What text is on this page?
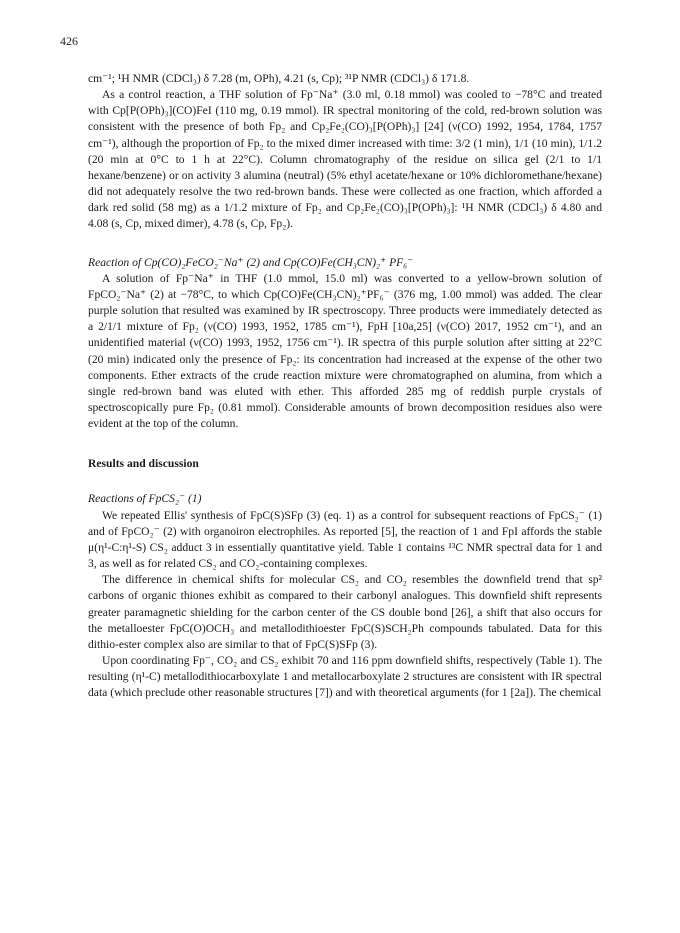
426

cm⁻¹; ¹H NMR (CDCl₃) δ 7.28 (m, OPh), 4.21 (s, Cp); ³¹P NMR (CDCl₃) δ 171.8.

As a control reaction, a THF solution of Fp⁻Na⁺ (3.0 ml, 0.18 mmol) was cooled to −78°C and treated with Cp[P(OPh)₃](CO)FeI (110 mg, 0.19 mmol). IR spectral monitoring of the cold, red-brown solution was consistent with the presence of both Fp₂ and Cp₂Fe₂(CO)₃[P(OPh)₃] [24] (ν(CO) 1992, 1954, 1784, 1757 cm⁻¹), although the proportion of Fp₂ to the mixed dimer increased with time: 3/2 (1 min), 1/1 (10 min), 1/1.2 (20 min at 0°C to 1 h at 22°C). Column chromatography of the residue on silica gel (2/1 to 1/1 hexane/benzene) or on activity 3 alumina (neutral) (5% ethyl acetate/hexane or 10% dichloromethane/hexane) did not adequately resolve the two red-brown bands. These were collected as one fraction, which afforded a dark red solid (58 mg) as a 1/1.2 mixture of Fp₂ and Cp₂Fe₂(CO)₃[P(OPh)₃]: ¹H NMR (CDCl₃) δ 4.80 and 4.08 (s, Cp, mixed dimer), 4.78 (s, Cp, Fp₂).

Reaction of Cp(CO)₂FeCO₂⁻Na⁺ (2) and Cp(CO)Fe(CH₃CN)₂⁺ PF₆⁻

A solution of Fp⁻Na⁺ in THF (1.0 mmol, 15.0 ml) was converted to a yellow-brown solution of FpCO₂⁻Na⁺ (2) at −78°C, to which Cp(CO)Fe(CH₃CN)₂⁺PF₆⁻ (376 mg, 1.00 mmol) was added. The clear purple solution that resulted was examined by IR spectroscopy. Three products were immediately detected as a 2/1/1 mixture of Fp₂ (ν(CO) 1993, 1952, 1785 cm⁻¹), FpH [10a,25] (ν(CO) 2017, 1952 cm⁻¹), and an unidentified material (ν(CO) 1993, 1952, 1756 cm⁻¹). IR spectra of this purple solution after sitting at 22°C (20 min) indicated only the presence of Fp₂: its concentration had increased at the expense of the other two components. Ether extracts of the crude reaction mixture were chromatographed on alumina, from which a single red-brown band was eluted with ether. This afforded 285 mg of reddish purple crystals of spectroscopically pure Fp₂ (0.81 mmol). Considerable amounts of brown decomposition residues also were evident at the top of the column.

Results and discussion

Reactions of FpCS₂⁻ (1)

We repeated Ellis' synthesis of FpC(S)SFp (3) (eq. 1) as a control for subsequent reactions of FpCS₂⁻ (1) and of FpCO₂⁻ (2) with organoiron electrophiles. As reported [5], the reaction of 1 and FpI affords the stable μ(η¹-C:η¹-S) CS₂ adduct 3 in essentially quantitative yield. Table 1 contains ¹³C NMR spectral data for 1 and 3, as well as for related CS₂ and CO₂-containing complexes.

The difference in chemical shifts for molecular CS₂ and CO₂ resembles the downfield trend that sp² carbons of organic thiones exhibit as compared to their carbonyl analogues. This downfield shift represents greater paramagnetic shielding for the carbon center of the CS double bond [26], a shift that also occurs for the metalloester FpC(O)OCH₃ and metallodithioester FpC(S)SCH₂Ph compounds tabulated. Data for this dithio-ester complex also are similar to that of FpC(S)SFp (3).

Upon coordinating Fp⁻, CO₂ and CS₂ exhibit 70 and 116 ppm downfield shifts, respectively (Table 1). The resulting (η¹-C) metallodithiocarboxylate 1 and metallocarboxylate 2 structures are consistent with IR spectral data (which preclude other reasonable structures [7]) and with theoretical arguments (for 1 [2a]). The chemical
